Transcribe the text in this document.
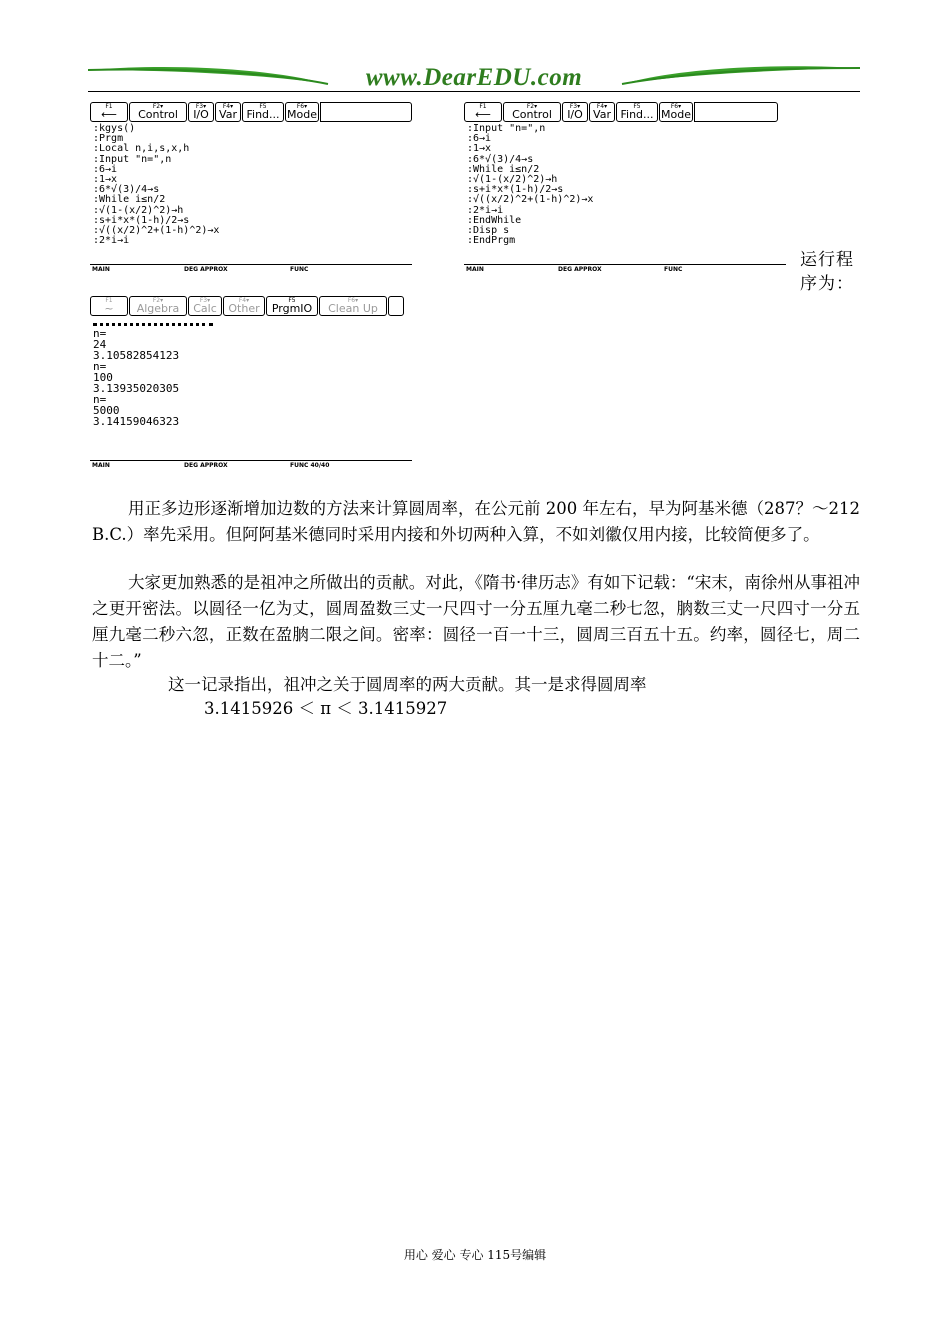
www.DearEDU.com
F1
⟵
F2▾
Control
F3▾
I/O
F4▾
Var
F5
Find...
F6▾
Mode
:kgys()
:Prgm
:Local n,i,s,x,h
:Input "n=",n
:6→i
:1→x
:6*√(3)/4→s
:While i≤n/2
:√(1-(x/2)^2)→h
:s+i*x*(1-h)/2→s
:√((x/2)^2+(1-h)^2)→x
:2*i→i
MAIN	DEG APPROX	FUNC
F1
⟵
F2▾
Control
F3▾
I/O
F4▾
Var
F5
Find...
F6▾
Mode
:Input "n=",n
:6→i
:1→x
:6*√(3)/4→s
:While i≤n/2
:√(1-(x/2)^2)→h
:s+i*x*(1-h)/2→s
:√((x/2)^2+(1-h)^2)→x
:2*i→i
:EndWhile
:Disp s
:EndPrgm
MAIN	DEG APPROX	FUNC	运行程序为：
F1
~
F2▾
Algebra
F3▾
Calc
F4▾
Other
F5
PrgmIO
F6▾
Clean Up
n=
24
3.10582854123
n=
100
3.13935020305
n=
5000
3.14159046323
MAIN	DEG APPROX	FUNC 40/40
用正多边形逐渐增加边数的方法来计算圆周率，在公元前 200 年左右，早为阿基米德（287？～212 B.C.）率先采用。但阿阿基米德同时采用内接和外切两种入算，不如刘徽仅用内接，比较简便多了。
大家更加熟悉的是祖冲之所做出的贡献。对此，《隋书·律历志》有如下记载：“宋末，南徐州从事祖冲之更开密法。以圆径一亿为丈，圆周盈数三丈一尺四寸一分五厘九毫二秒七忽，朒数三丈一尺四寸一分五厘九毫二秒六忽，正数在盈朒二限之间。密率：圆径一百一十三，圆周三百五十五。约率，圆径七，周二十二。”
这一记录指出，祖冲之关于圆周率的两大贡献。其一是求得圆周率
3.1415926 ＜ π ＜ 3.1415927
用心 爱心 专心 115号编辑
